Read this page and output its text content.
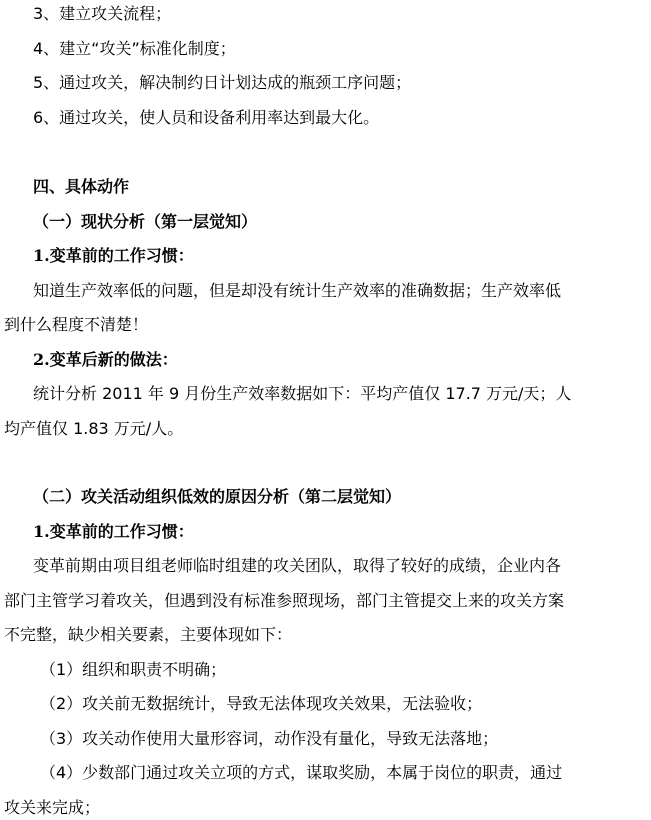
3、建立攻关流程；
4、建立“攻关”标准化制度；
5、通过攻关，解决制约日计划达成的瓶颈工序问题；
6、通过攻关，使人员和设备利用率达到最大化。
四、具体动作
（一）现状分析（第一层觉知）
1.变革前的工作习惯：
知道生产效率低的问题，但是却没有统计生产效率的准确数据；生产效率低
到什么程度不清楚！
2.变革后新的做法：
统计分析 2011 年 9 月份生产效率数据如下：平均产值仅 17.7 万元/天；人
均产值仅 1.83 万元/人。
（二）攻关活动组织低效的原因分析（第二层觉知）
1.变革前的工作习惯：
变革前期由项目组老师临时组建的攻关团队，取得了较好的成绩，企业内各
部门主管学习着攻关，但遇到没有标准参照现场，部门主管提交上来的攻关方案
不完整，缺少相关要素，主要体现如下：
（1）组织和职责不明确；
（2）攻关前无数据统计，导致无法体现攻关效果，无法验收；
（3）攻关动作使用大量形容词，动作没有量化，导致无法落地；
（4）少数部门通过攻关立项的方式，谋取奖励，本属于岗位的职责，通过
攻关来完成；
